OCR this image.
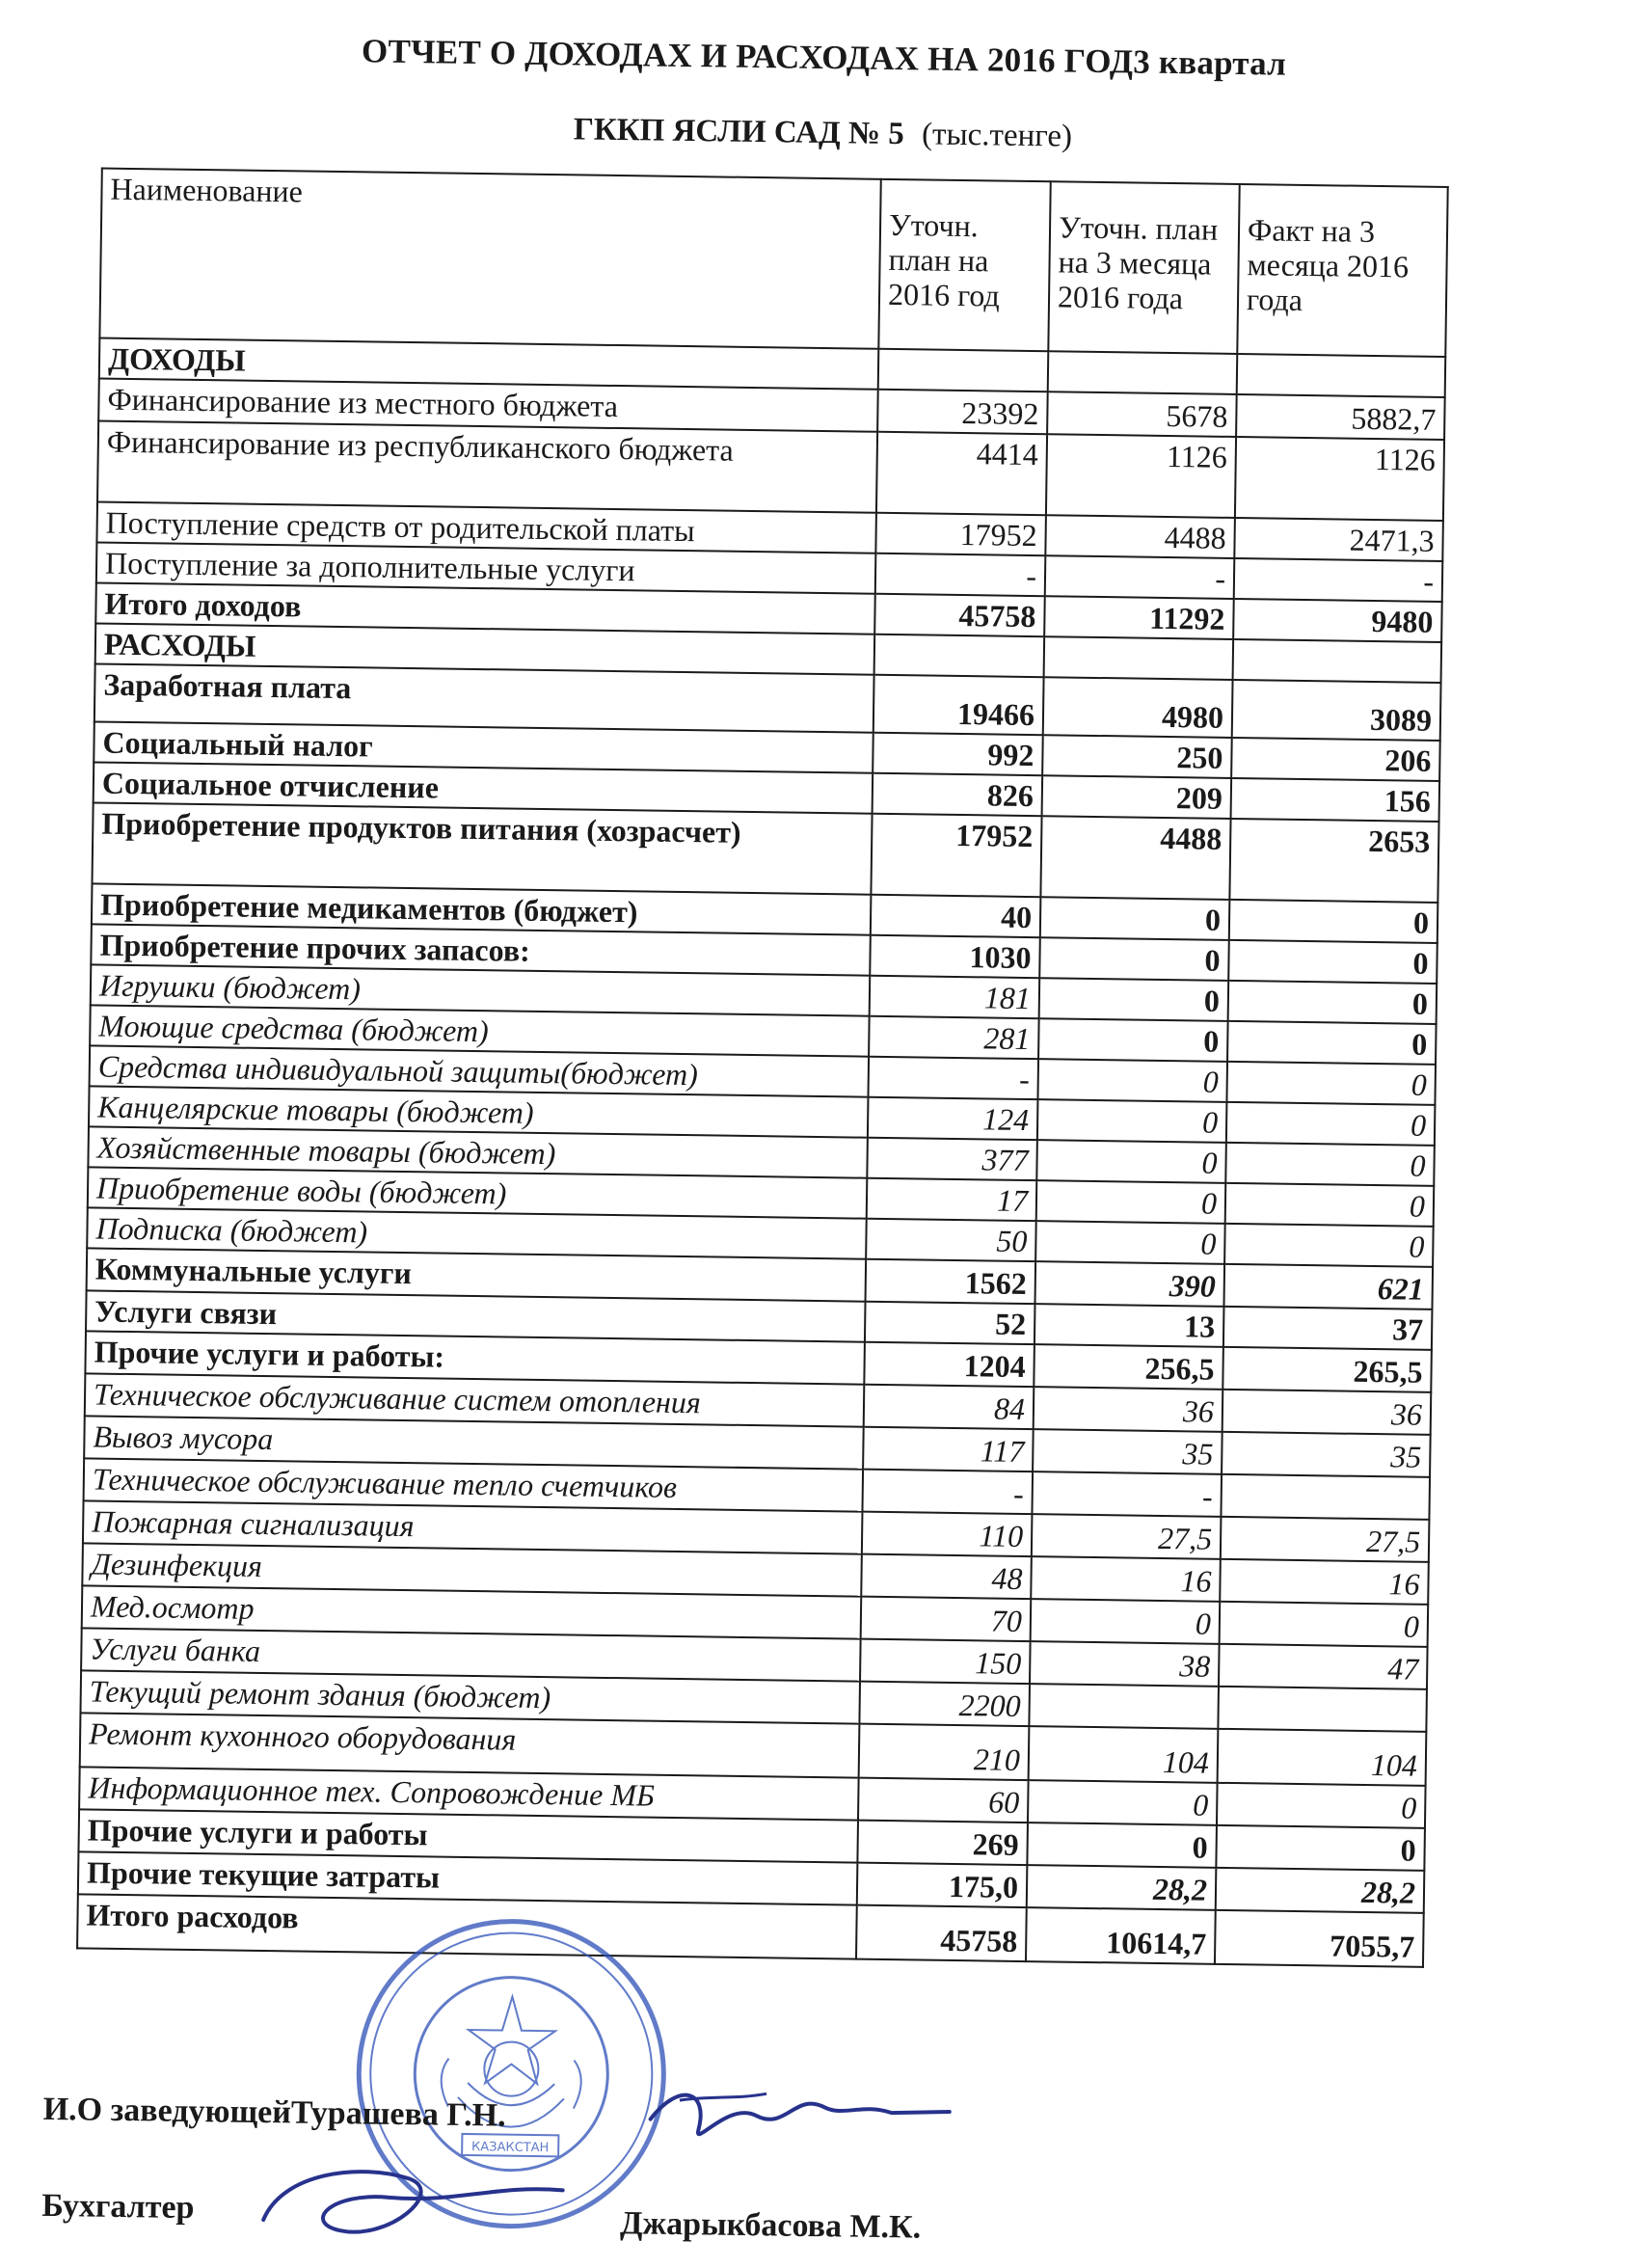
ОТЧЕТ О ДОХОДАХ И РАСХОДАХ НА 2016 ГОД3 квартал
ГККП ЯСЛИ САД № 5 (тыс.тенге)
Наименование	Уточн. план на 2016 год	Уточн. план на 3 месяца 2016 года	Факт на 3 месяца 2016 года
ДОХОДЫ			
Финансирование из местного бюджета	23392	5678	5882,7
Финансирование из республиканского бюджета	4414	1126	1126
Поступление средств от родительской платы	17952	4488	2471,3
Поступление за дополнительные услуги	-	-	-
Итого доходов	45758	11292	9480
РАСХОДЫ			
Заработная плата	19466	4980	3089
Социальный налог	992	250	206
Социальное отчисление	826	209	156
Приобретение продуктов питания (хозрасчет)	17952	4488	2653
Приобретение медикаментов (бюджет)	40	0	0
Приобретение прочих запасов:	1030	0	0
Игрушки (бюджет)	181	0	0
Моющие средства (бюджет)	281	0	0
Средства индивидуальной защиты(бюджет)	-	0	0
Канцелярские товары (бюджет)	124	0	0
Хозяйственные товары (бюджет)	377	0	0
Приобретение воды (бюджет)	17	0	0
Подписка (бюджет)	50	0	0
Коммунальные услуги	1562	390	621
Услуги связи	52	13	37
Прочие услуги и работы:	1204	256,5	265,5
Техническое обслуживание систем отопления	84	36	36
Вывоз мусора	117	35	35
Техническое обслуживание тепло счетчиков	-	-	
Пожарная сигнализация	110	27,5	27,5
Дезинфекция	48	16	16
Мед.осмотр	70	0	0
Услуги банка	150	38	47
Текущий ремонт здания (бюджет)	2200		
Ремонт кухонного оборудования	210	104	104
Информационное тех. Сопровождение МБ	60	0	0
Прочие услуги и работы	269	0	0
Прочие текущие затраты	175,0	28,2	28,2
Итого расходов	45758	10614,7	7055,7
КАЗАКСТАН
И.О заведующейТурашева Г.Н.
Бухгалтер	Джарыкбасова М.К.
